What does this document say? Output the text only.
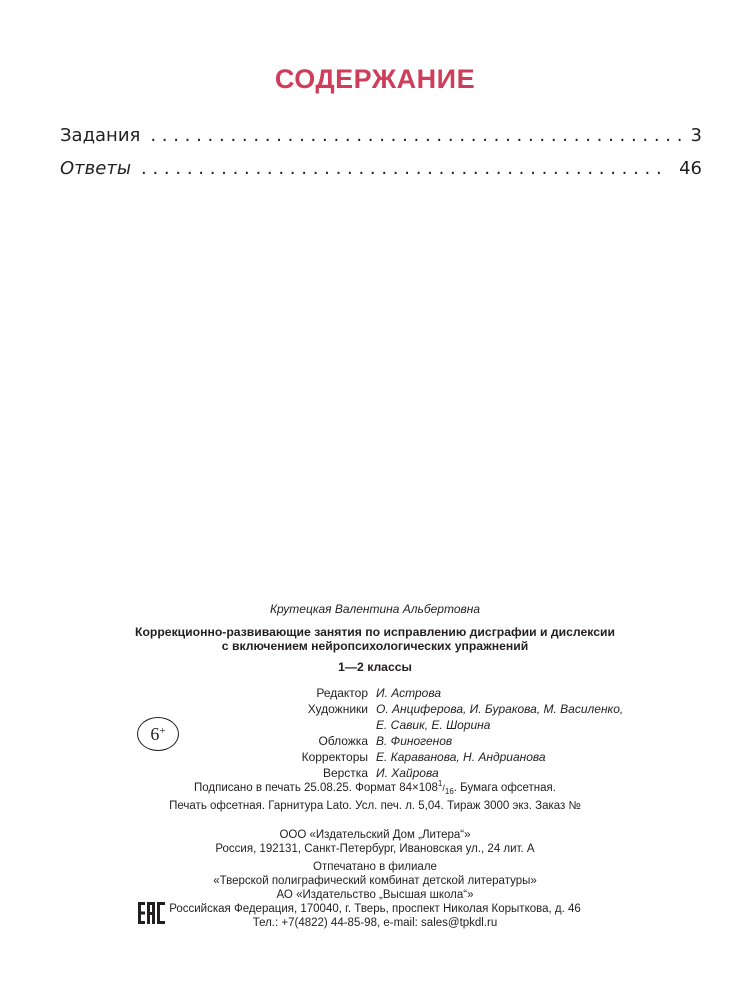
СОДЕРЖАНИЕ
Задания . . .	3
Ответы . . .	46
Крутецкая Валентина Альбертовна
Коррекционно-развивающие занятия по исправлению дисграфии и дислексии
с включением нейропсихологических упражнений
1—2 классы
6+
Редактор И. Астрова
Художники О. Анциферова, И. Буракова, М. Василенко,
Е. Савик, Е. Шорина
Обложка В. Финогенов
Корректоры Е. Караванова, Н. Андрианова
Верстка И. Хайрова
Подписано в печать 25.08.25. Формат $84\times 108^1/_{16}$. Бумага офсетная.
Печать офсетная. Гарнитура Lato. Усл. печ. л. 5,04. Тираж 3000 экз. Заказ №
ООО «Издательский Дом „Литера“»
Россия, 192131, Санкт-Петербург, Ивановская ул., 24 лит. А
Отпечатано в филиале
«Тверской полиграфический комбинат детской литературы»
АО «Издательство „Высшая школа“»
Российская Федерация, 170040, г. Тверь, проспект Николая Корыткова, д. 46
Тел.: +7(4822) 44-85-98, e-mail: sales@tpkdl.ru
